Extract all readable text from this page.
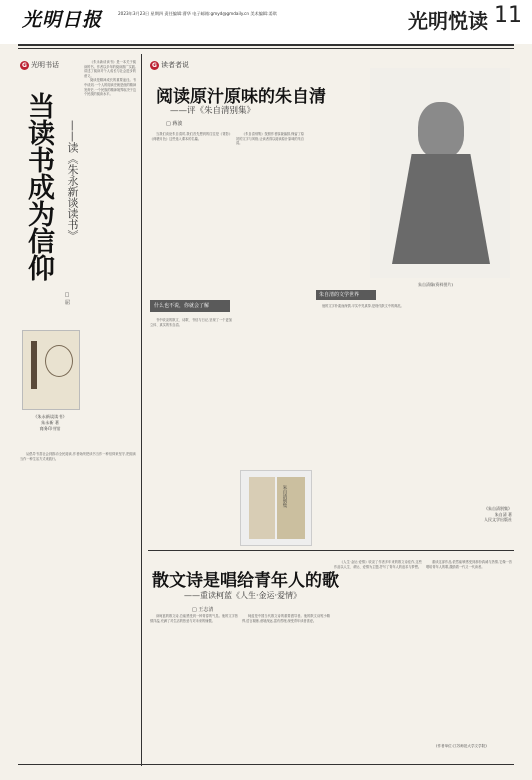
光明日报	2023年3月23日 星期四 责任编辑:曹华 电子邮箱:gmyd@gmdaily.cn 美术编辑:姜琪	光明悦读 11
G 光明书话
当读书成为信仰	——读《朱永新谈读书》
□ 屈
《朱永新谈读书》
朱永新 著
商务印书馆

《朱永新谈读书》是一本关于阅读的书。作者以多年的阅读推广实践,讲述了阅读对个人成长与社会进步的意义。

阅读是精神成长的重要途径。书中谈到,一个人的阅读史就是他的精神发育史,一个民族的精神境界取决于这个民族的阅读水平。

从倡导书香社会到推动全民阅读,作者始终把读书当作一种信仰来坚守,把阅读当作一种生活方式来践行。

G 读者者说
阅读原汁原味的朱自清
——评《朱自清别集》
□ 蒋波

当我们谈论朱自清时,我们首先想到的往往是《背影》《荷塘月色》这些选入课本的名篇。

《朱自清别集》按照作者原貌编排,保留了原初的文字与风格,让读者得以阅读原汁原味的朱自清。

什么也不说，你就会了解

书中收录的散文、诗歌、书信与日记,呈现了一个更加立体、真实的朱自清。

朱自清别集
朱自清像(资料图片)
朱自清的文学世界

他的文字朴素而深情,平实中见真挚,是现代散文中的典范。

《朱自清别集》
朱自清 著
人民文学出版社
散文诗是唱给青年人的歌
——重读柯蓝《人生·金运·爱情》
□ 王志清

读柯蓝的散文诗,总能感受到一种青春的气息。他的文字热情洋溢,充满了对生活的热爱与对未来的憧憬。

柯蓝是中国当代散文诗的重要倡导者。他的散文诗短小精悍,语言凝练,意境深远,富有哲理,深受青年读者喜爱。

《人生·金运·爱情》收录了作者多年来的散文诗佳作,这些作品以人生、命运、爱情为主题,抒写了青年人的追求与梦想。

重读这部作品,依然能够感受到那份真诚与热情,它像一首唱给青年人的歌,激励着一代又一代读者。

(作者单位:江苏师范大学文学院)
